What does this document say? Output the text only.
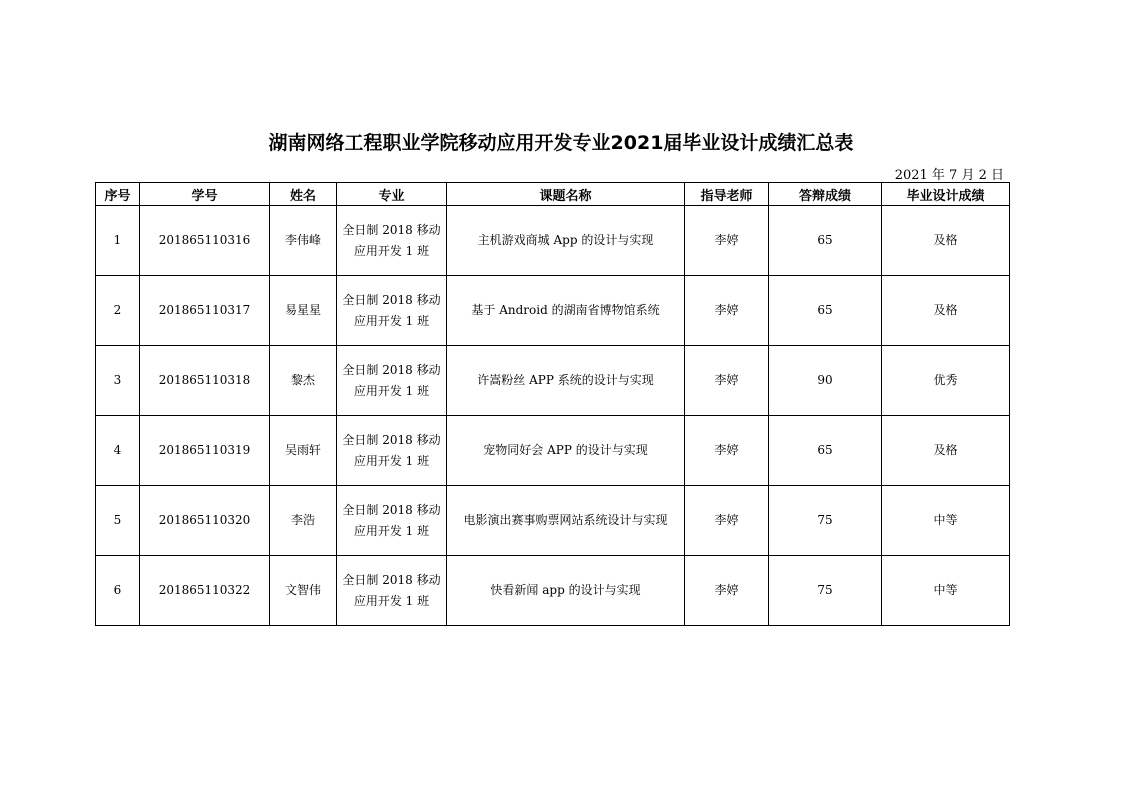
湖南网络工程职业学院移动应用开发专业2021届毕业设计成绩汇总表
2021 年 7 月 2 日
序号	学号	姓名	专业	课题名称	指导老师	答辩成绩	毕业设计成绩
1	201865110316	李伟峰	全日制 2018 移动应用开发 1 班	主机游戏商城 App 的设计与实现	李婷	65	及格
2	201865110317	易星星	全日制 2018 移动应用开发 1 班	基于 Android 的湖南省博物馆系统	李婷	65	及格
3	201865110318	黎杰	全日制 2018 移动应用开发 1 班	许嵩粉丝 APP 系统的设计与实现	李婷	90	优秀
4	201865110319	吴雨轩	全日制 2018 移动应用开发 1 班	宠物同好会 APP 的设计与实现	李婷	65	及格
5	201865110320	李浩	全日制 2018 移动应用开发 1 班	电影演出赛事购票网站系统设计与实现	李婷	75	中等
6	201865110322	文智伟	全日制 2018 移动应用开发 1 班	快看新闻 app 的设计与实现	李婷	75	中等
